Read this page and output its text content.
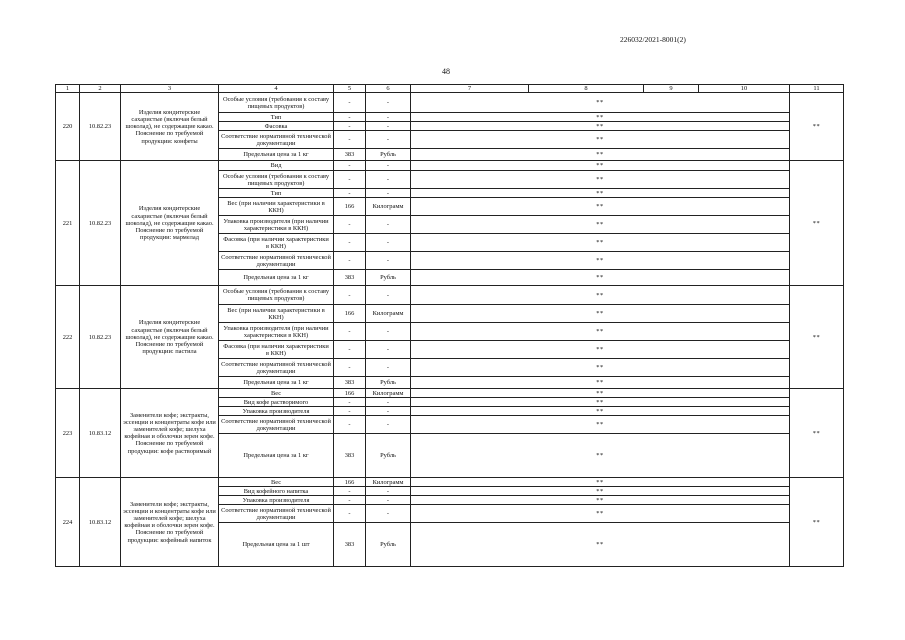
226032/2021-8001(2)
48
1	2	3	4	5	6	7	8	9	10	11
220	10.82.23	Изделия кондитерские сахаристые (включая белый шоколад), не содержащие какао. Пояснение по требуемой продукции: конфеты	Особые условия (требования к составу пищевых продуктов)	-	-	**				**
			Тип	-	-	**				
			Фасовка	-	-	**				
			Соответствие нормативной технической документации	-	-	**				
			Предельная цена за 1 кг	383	Рубль	**				
221	10.82.23	Изделия кондитерские сахаристые (включая белый шоколад), не содержащие какао. Пояснение по требуемой продукции: мармелад	Вид	-	-	**				**
			Особые условия (требования к составу пищевых продуктов)	-	-	**				
			Тип	-	-	**				
			Вес (при наличии характеристики в ККН)	166	Килограмм	**				
			Упаковка производителя (при наличии характеристики в ККН)	-	-	**				
			Фасовка (при наличии характеристики в ККН)	-	-	**				
			Соответствие нормативной технической документации	-	-	**				
			Предельная цена за 1 кг	383	Рубль	**				
222	10.82.23	Изделия кондитерские сахаристые (включая белый шоколад), не содержащие какао. Пояснение по требуемой продукции: пастила	Особые условия (требования к составу пищевых продуктов)	-	-	**				**
			Вес (при наличии характеристики в ККН)	166	Килограмм	**				
			Упаковка производителя (при наличии характеристики в ККН)	-	-	**				
			Фасовка (при наличии характеристики в ККН)	-	-	**				
			Соответствие нормативной технической документации	-	-	**				
			Предельная цена за 1 кг	383	Рубль	**				
223	10.83.12	Заменители кофе; экстракты, эссенции и концентраты кофе или заменителей кофе; шелуха кофейная и оболочки зерен кофе. Пояснение по требуемой продукции: кофе растворимый	Вес	166	Килограмм	**				**
			Вид кофе растворимого	-	-	**				
			Упаковка производителя	-	-	**				
			Соответствие нормативной технической документации	-	-	**				
			Предельная цена за 1 кг	383	Рубль	**				
224	10.83.12	Заменители кофе; экстракты, эссенции и концентраты кофе или заменителей кофе; шелуха кофейная и оболочки зерен кофе. Пояснение по требуемой продукции: кофейный напиток	Вес	166	Килограмм	**				**
			Вид кофейного напитка	-	-	**				
			Упаковка производителя	-	-	**				
			Соответствие нормативной технической документации	-	-	**				
			Предельная цена за 1 шт	383	Рубль	**				
